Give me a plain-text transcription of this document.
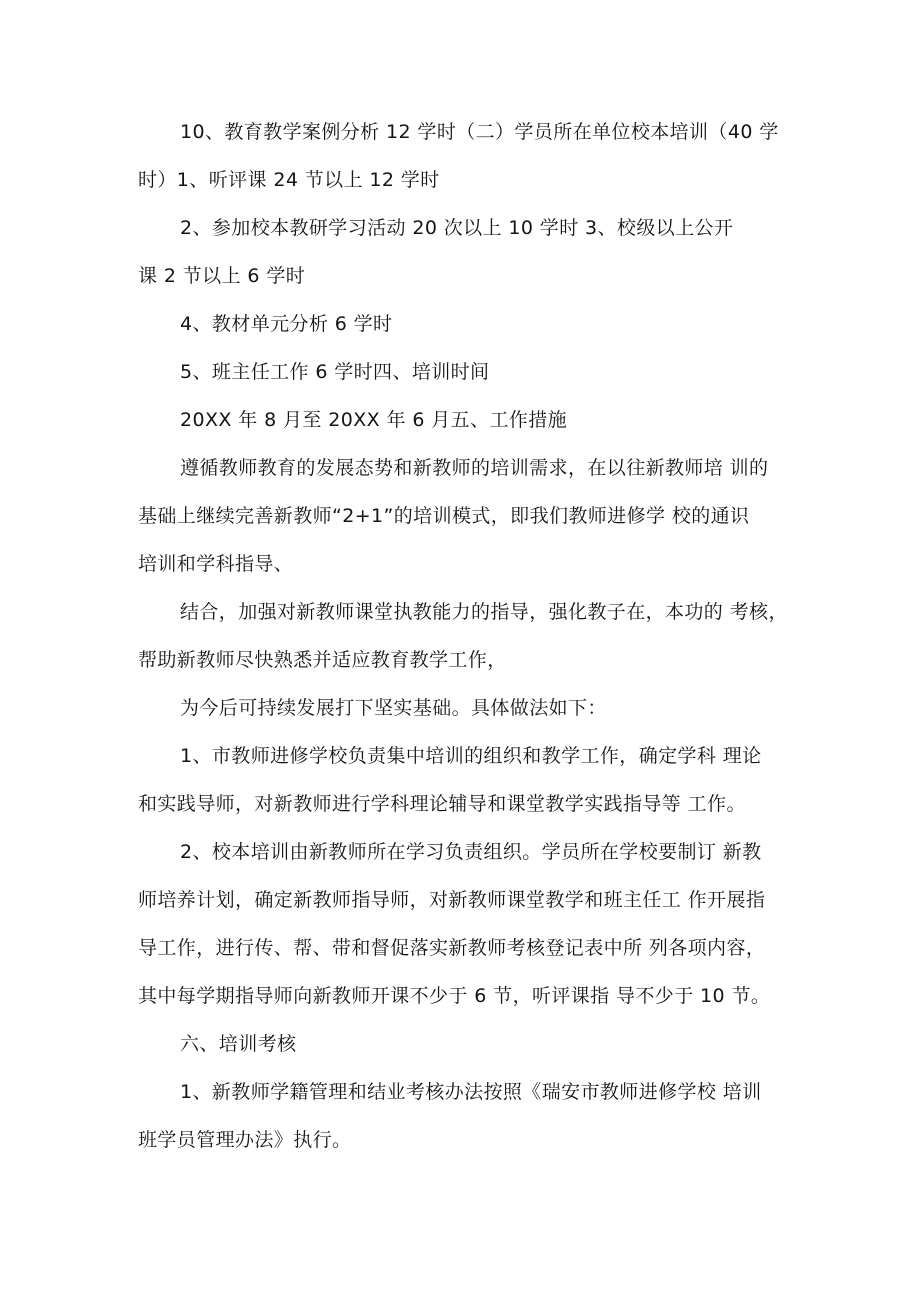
10、教育教学案例分析 12 学时（二）学员所在单位校本培训（40 学
时）1、听评课 24 节以上 12 学时

2、参加校本教研学习活动 20 次以上 10 学时 3、校级以上公开
课 2 节以上 6 学时

4、教材单元分析 6 学时

5、班主任工作 6 学时四、培训时间

20XX 年 8 月至 20XX 年 6 月五、工作措施

遵循教师教育的发展态势和新教师的培训需求，在以往新教师培 训的
基础上继续完善新教师“2+1”的培训模式，即我们教师进修学 校的通识
培训和学科指导、

结合，加强对新教师课堂执教能力的指导，强化教子在，本功的 考核，
帮助新教师尽快熟悉并适应教育教学工作，

为今后可持续发展打下坚实基础。具体做法如下：

1、市教师进修学校负责集中培训的组织和教学工作，确定学科 理论
和实践导师，对新教师进行学科理论辅导和课堂教学实践指导等 工作。

2、校本培训由新教师所在学习负责组织。学员所在学校要制订 新教
师培养计划，确定新教师指导师，对新教师课堂教学和班主任工 作开展指
导工作，进行传、帮、带和督促落实新教师考核登记表中所 列各项内容，
其中每学期指导师向新教师开课不少于 6 节，听评课指 导不少于 10 节。

六、培训考核

1、新教师学籍管理和结业考核办法按照《瑞安市教师进修学校 培训
班学员管理办法》执行。
